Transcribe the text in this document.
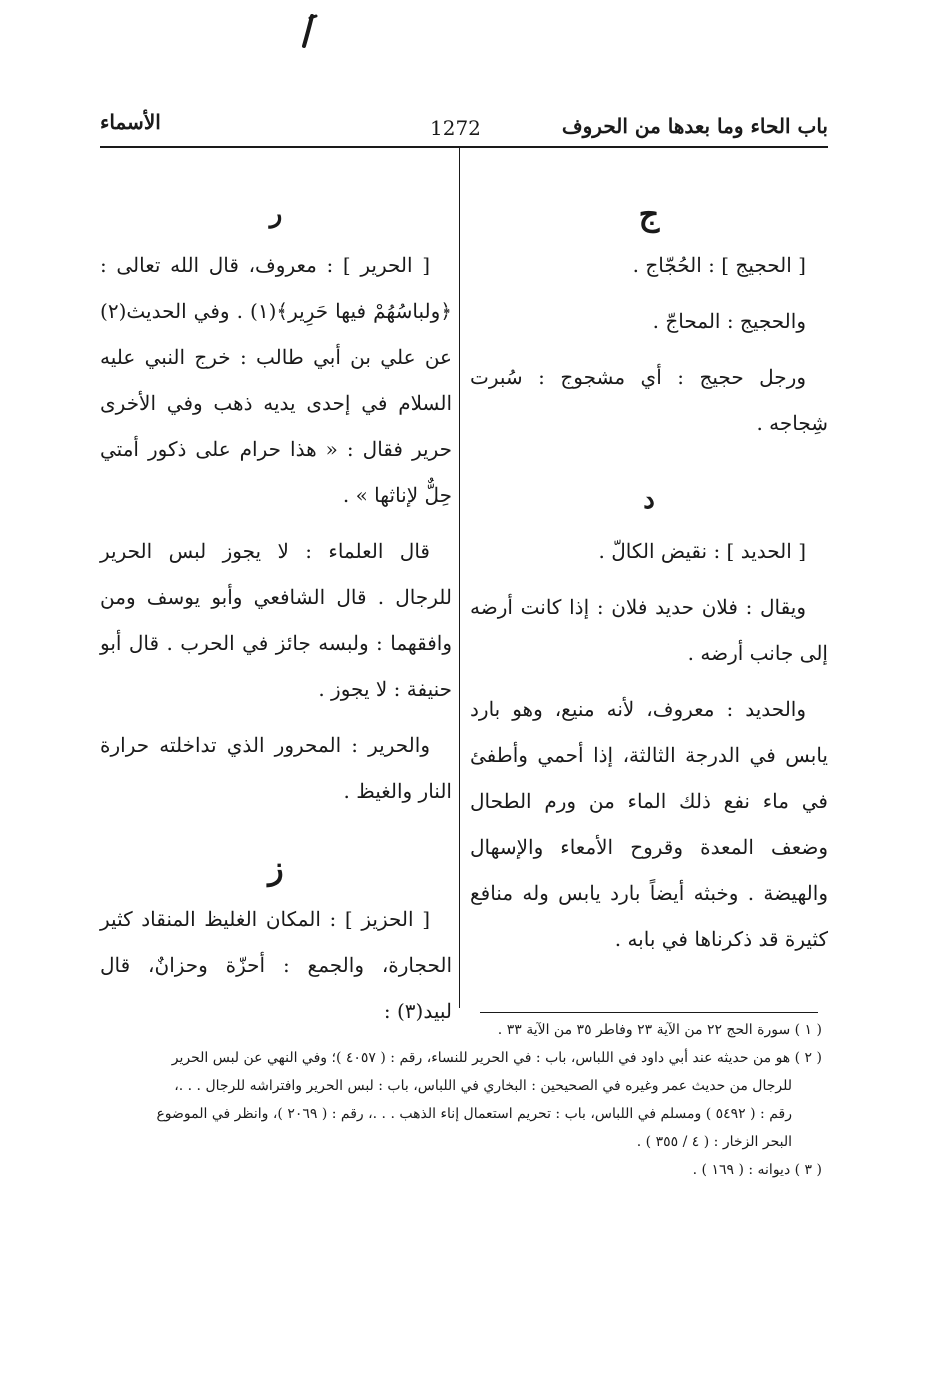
باب الحاء وما بعدها من الحروف
1272
الأسماء
ج

[ الحجيج ] : الحُجّاج .

والحجيج : المحاجّ .

ورجل حجيج : أي مشجوج : سُبرت شِجاجه .

د

[ الحديد ] : نقيض الكالّ .

ويقال : فلان حديد فلان : إذا كانت أرضه إلى جانب أرضه .

والحديد : معروف، لأنه منيع، وهو بارد يابس في الدرجة الثالثة، إذا أحمي وأطفئ في ماء نفع ذلك الماء من ورم الطحال وضعف المعدة وقروح الأمعاء والإسهال والهيضة . وخبثه أيضاً بارد يابس وله منافع كثيرة قد ذكرناها في بابه .

ر

[ الحرير ] : معروف، قال الله تعالى : ﴿ولباسُهُمْ فيها حَرِير﴾(١) . وفي الحديث(٢) عن علي بن أبي طالب : خرج النبي عليه السلام في إحدى يديه ذهب وفي الأخرى حرير فقال : « هذا حرام على ذكور أمتي حِلٌّ لإناثها » .

قال العلماء : لا يجوز لبس الحرير للرجال . قال الشافعي وأبو يوسف ومن وافقهما : ولبسه جائز في الحرب . قال أبو حنيفة : لا يجوز .

والحرير : المحرور الذي تداخلته حرارة النار والغيظ .

ز

[ الحزيز ] : المكان الغليظ المنقاد كثير الحجارة، والجمع : أحزّة وحزانٌ، قال لبيد(٣) :

( ١ ) سورة الحج ٢٢ من الآية ٢٣ وفاطر ٣٥ من الآية ٣٣ .

( ٢ ) هو من حديثه عند أبي داود في اللباس، باب : في الحرير للنساء، رقم : ( ٤٠٥٧ )؛ وفي النهي عن لبس الحرير

للرجال من حديث عمر وغيره في الصحيحين : البخاري في اللباس، باب : لبس الحرير وافتراشه للرجال . . .،

رقم : ( ٥٤٩٢ ) ومسلم في اللباس، باب : تحريم استعمال إناء الذهب . . .، رقم : ( ٢٠٦٩ )، وانظر في الموضوع

البحر الزخار : ( ٤ / ٣٥٥ ) .

( ٣ ) ديوانه : ( ١٦٩ ) .
